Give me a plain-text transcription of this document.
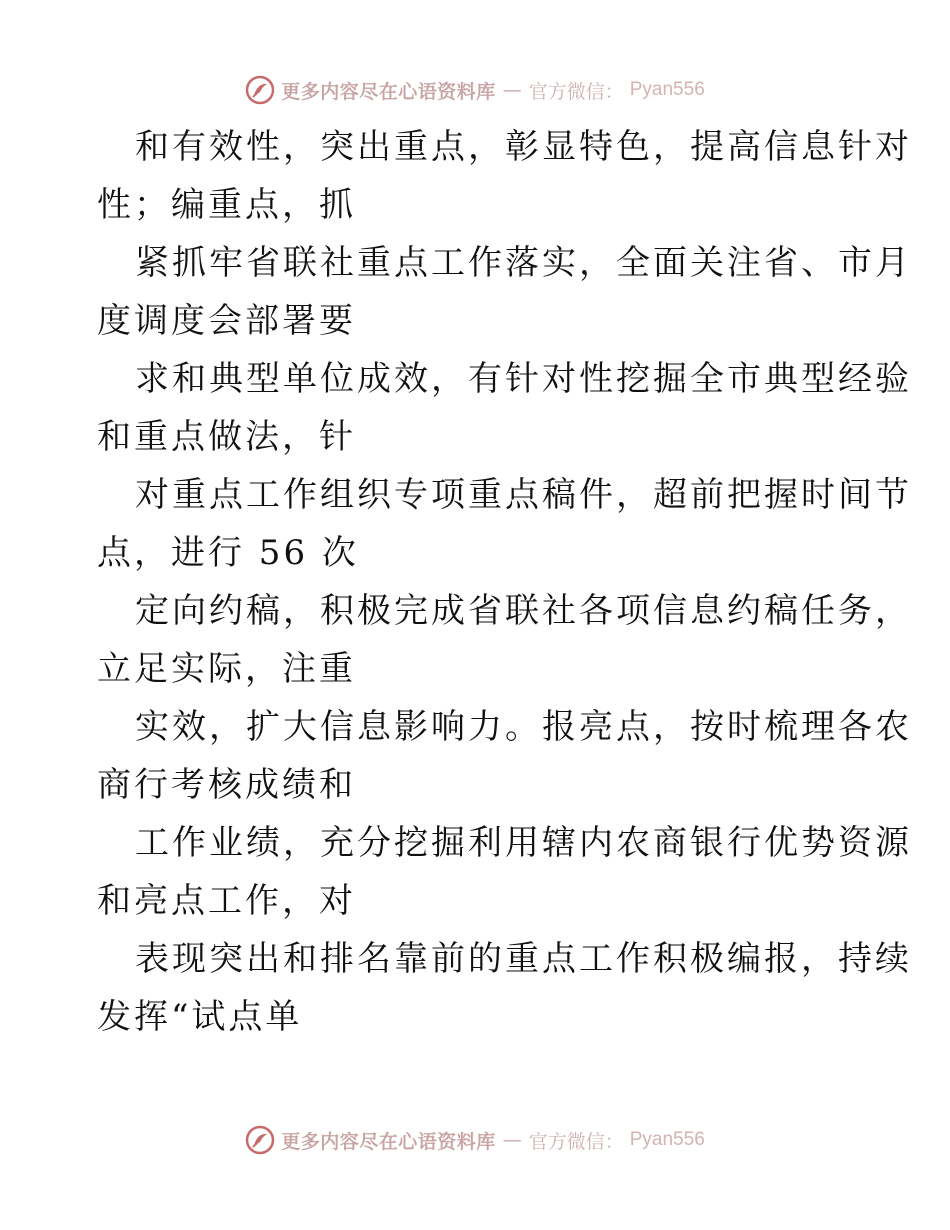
更多内容尽在心语资料库 — 官方微信： Pyan556
和有效性，突出重点，彰显特色，提高信息针对
性；编重点，抓
紧抓牢省联社重点工作落实，全面关注省、市月
度调度会部署要
求和典型单位成效，有针对性挖掘全市典型经验
和重点做法，针
对重点工作组织专项重点稿件，超前把握时间节
点，进行 56 次
定向约稿，积极完成省联社各项信息约稿任务，
立足实际，注重
实效，扩大信息影响力。报亮点，按时梳理各农
商行考核成绩和
工作业绩，充分挖掘利用辖内农商银行优势资源
和亮点工作，对
表现突出和排名靠前的重点工作积极编报，持续
发挥“试点单
更多内容尽在心语资料库 — 官方微信： Pyan556
